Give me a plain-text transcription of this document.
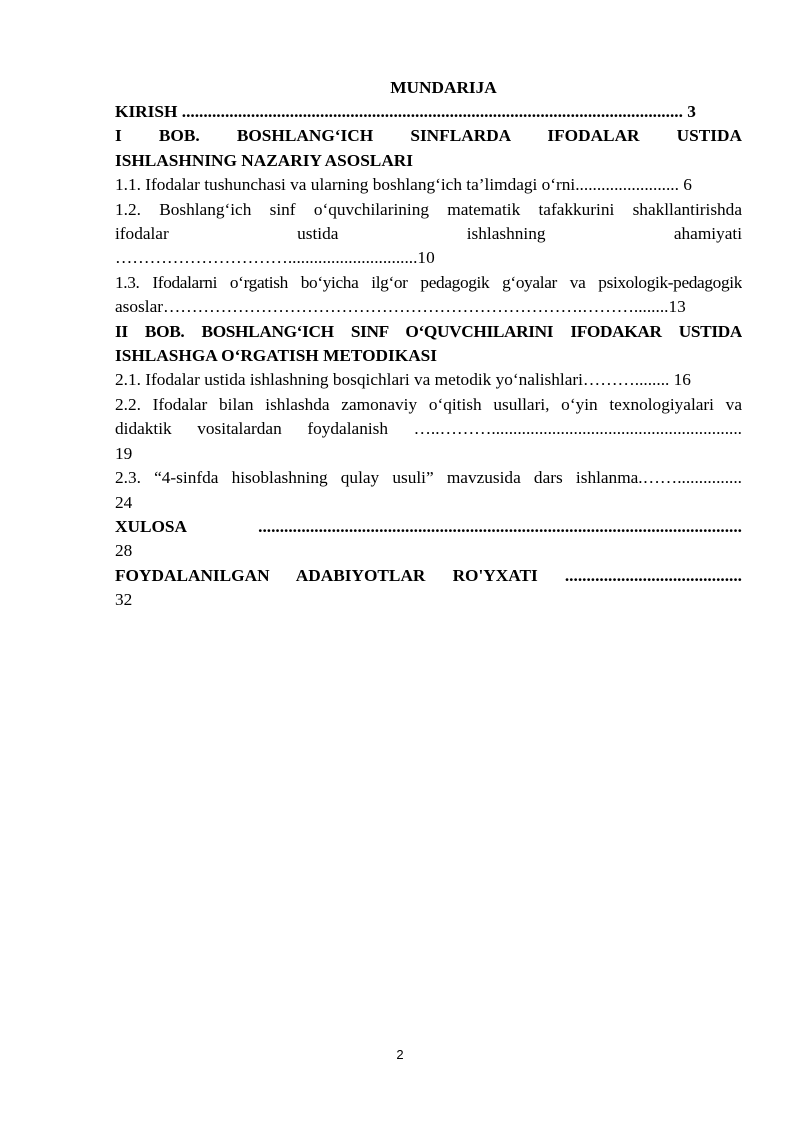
MUNDARIJA

KIRISH .................................................................................................................... 3

I BOB. BOSHLANG‘ICH SINFLARDA IFODALAR USTIDA

ISHLASHNING NAZARIY ASOSLARI

1.1. Ifodalar tushunchasi va ularning boshlang‘ich ta’limdagi o‘rni........................ 6

1.2. Boshlang‘ich sinf o‘quvchilarining matematik tafakkurini shakllantirishda

ifodalar ustida ishlashning ahamiyati

…………………………..............................10

1.3. Ifodalarni o‘rgatish bo‘yicha ilg‘or pedagogik g‘oyalar va psixologik-pedagogik

asoslar……………………………………………………………….………........13

II BOB. BOSHLANG‘ICH SINF O‘QUVCHILARINI IFODAKAR USTIDA

ISHLASHGA O‘RGATISH METODIKASI

2.1. Ifodalar ustida ishlashning bosqichlari va metodik yo‘nalishlari………........ 16

2.2. Ifodalar bilan ishlashda zamonaviy o‘qitish usullari, o‘yin texnologiyalari va

didaktik vositalardan foydalanish …..………..........................................................

19

2.3. “4-sinfda hisoblashning qulay usuli” mavzusida dars ishlanma.……...............

24

XULOSA ................................................................................................................

28

FOYDALANILGAN ADABIYOTLAR RO'YXATI .........................................

32

2
